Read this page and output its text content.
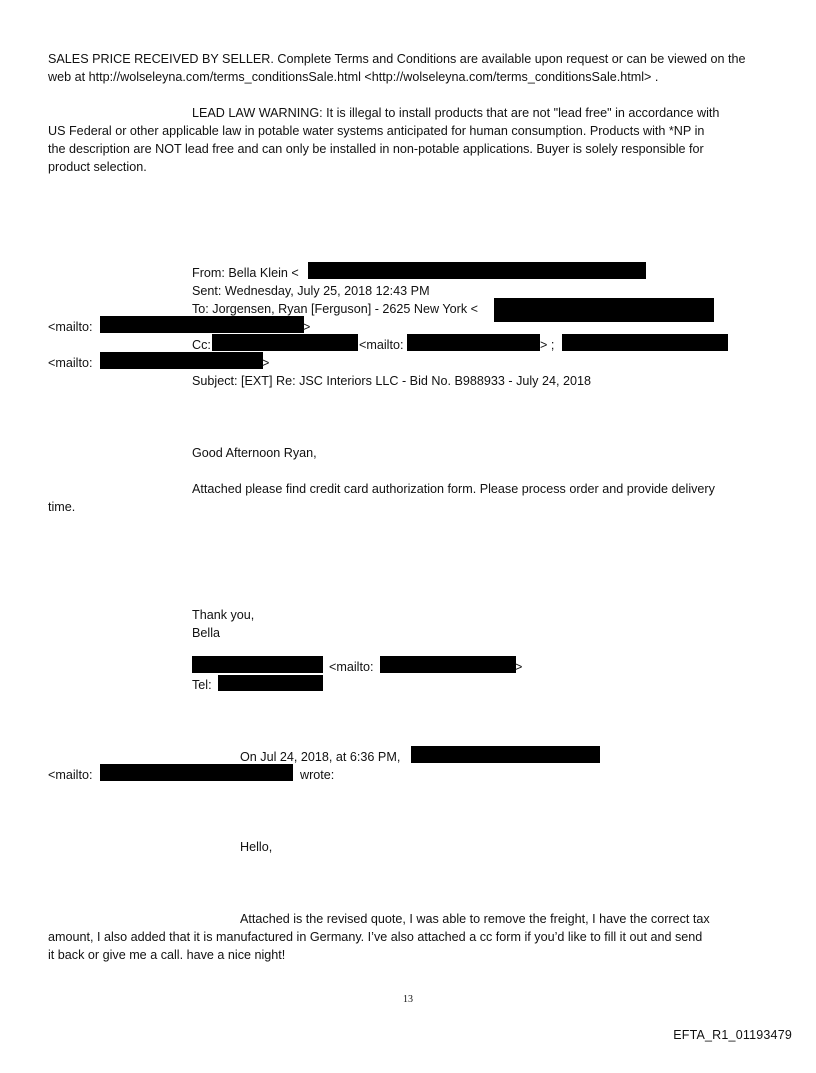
SALES PRICE RECEIVED BY SELLER. Complete Terms and Conditions are available upon request or can be viewed on the
web at http://wolseleyna.com/terms_conditionsSale.html <http://wolseleyna.com/terms_conditionsSale.html> .
LEAD LAW WARNING: It is illegal to install products that are not "lead free" in accordance with
US Federal or other applicable law in potable water systems anticipated for human consumption. Products with *NP in
the description are NOT lead free and can only be installed in non-potable applications. Buyer is solely responsible for
product selection.
From: Bella Klein <
Sent: Wednesday, July 25, 2018 12:43 PM
To: Jorgensen, Ryan [Ferguson] - 2625 New York <
<mailto:	>
Cc:	<mailto:	> ;
<mailto:	>
Subject: [EXT] Re: JSC Interiors LLC - Bid No. B988933 - July 24, 2018
Good Afternoon Ryan,
Attached please find credit card authorization form. Please process order and provide delivery
time.
Thank you,
Bella
<mailto:	>
Tel:
On Jul 24, 2018, at 6:36 PM,
<mailto:	wrote:
Hello,
Attached is the revised quote, I was able to remove the freight, I have the correct tax
amount, I also added that it is manufactured in Germany. I’ve also attached a cc form if you’d like to fill it out and send
it back or give me a call. have a nice night!
13
EFTA_R1_01193479
